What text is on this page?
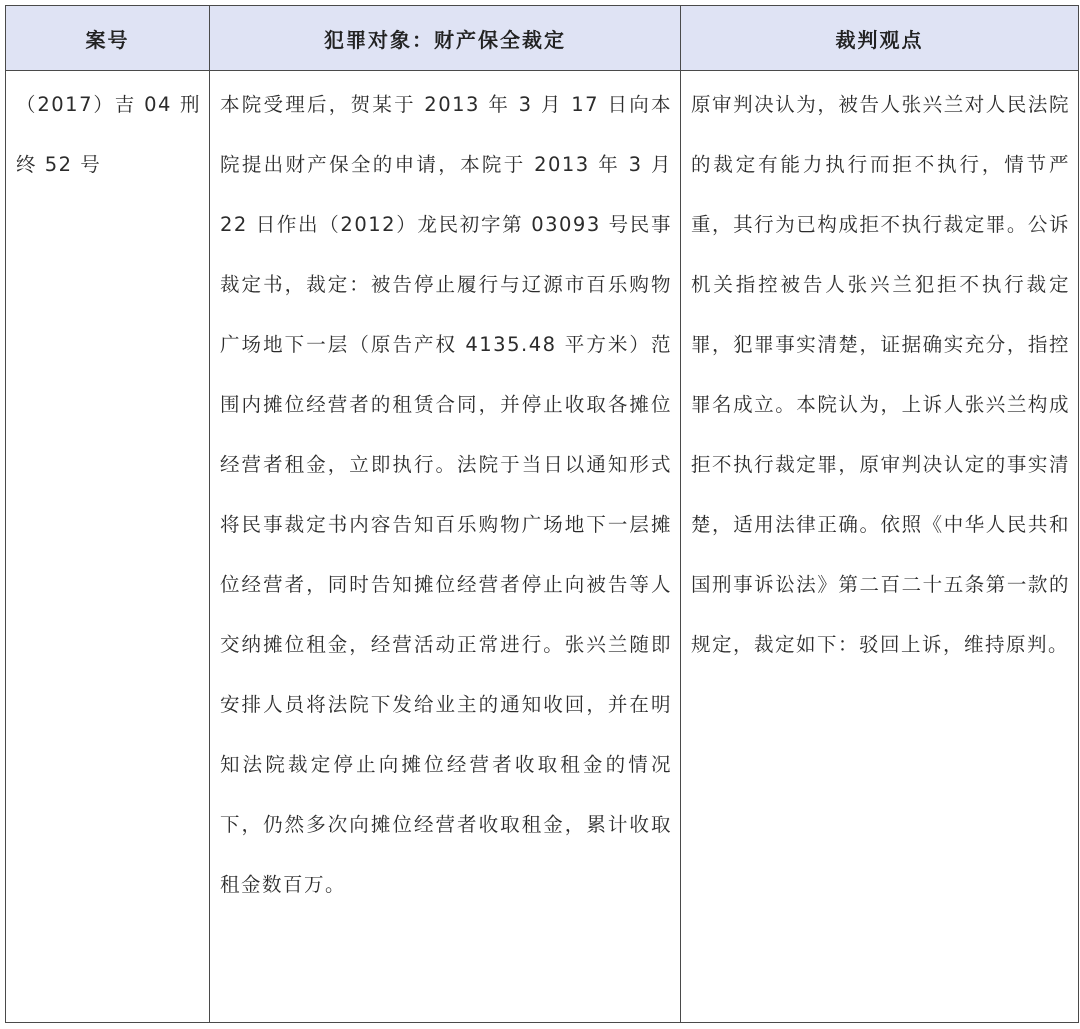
案号	犯罪对象：财产保全裁定	裁判观点
（2017）吉 04 刑终 52 号	本院受理后，贺某于 2013 年 3 月 17 日向本院提出财产保全的申请，本院于 2013 年 3 月 22 日作出（2012）龙民初字第 03093 号民事裁定书，裁定：被告停止履行与辽源市百乐购物广场地下一层（原告产权 4135.48 平方米）范围内摊位经营者的租赁合同，并停止收取各摊位经营者租金，立即执行。法院于当日以通知形式将民事裁定书内容告知百乐购物广场地下一层摊位经营者，同时告知摊位经营者停止向被告等人交纳摊位租金，经营活动正常进行。张兴兰随即安排人员将法院下发给业主的通知收回，并在明知法院裁定停止向摊位经营者收取租金的情况下，仍然多次向摊位经营者收取租金，累计收取租金数百万。	原审判决认为，被告人张兴兰对人民法院的裁定有能力执行而拒不执行，情节严重，其行为已构成拒不执行裁定罪。公诉机关指控被告人张兴兰犯拒不执行裁定罪，犯罪事实清楚，证据确实充分，指控罪名成立。本院认为，上诉人张兴兰构成拒不执行裁定罪，原审判决认定的事实清楚，适用法律正确。依照《中华人民共和国刑事诉讼法》第二百二十五条第一款的规定，裁定如下：驳回上诉，维持原判。
